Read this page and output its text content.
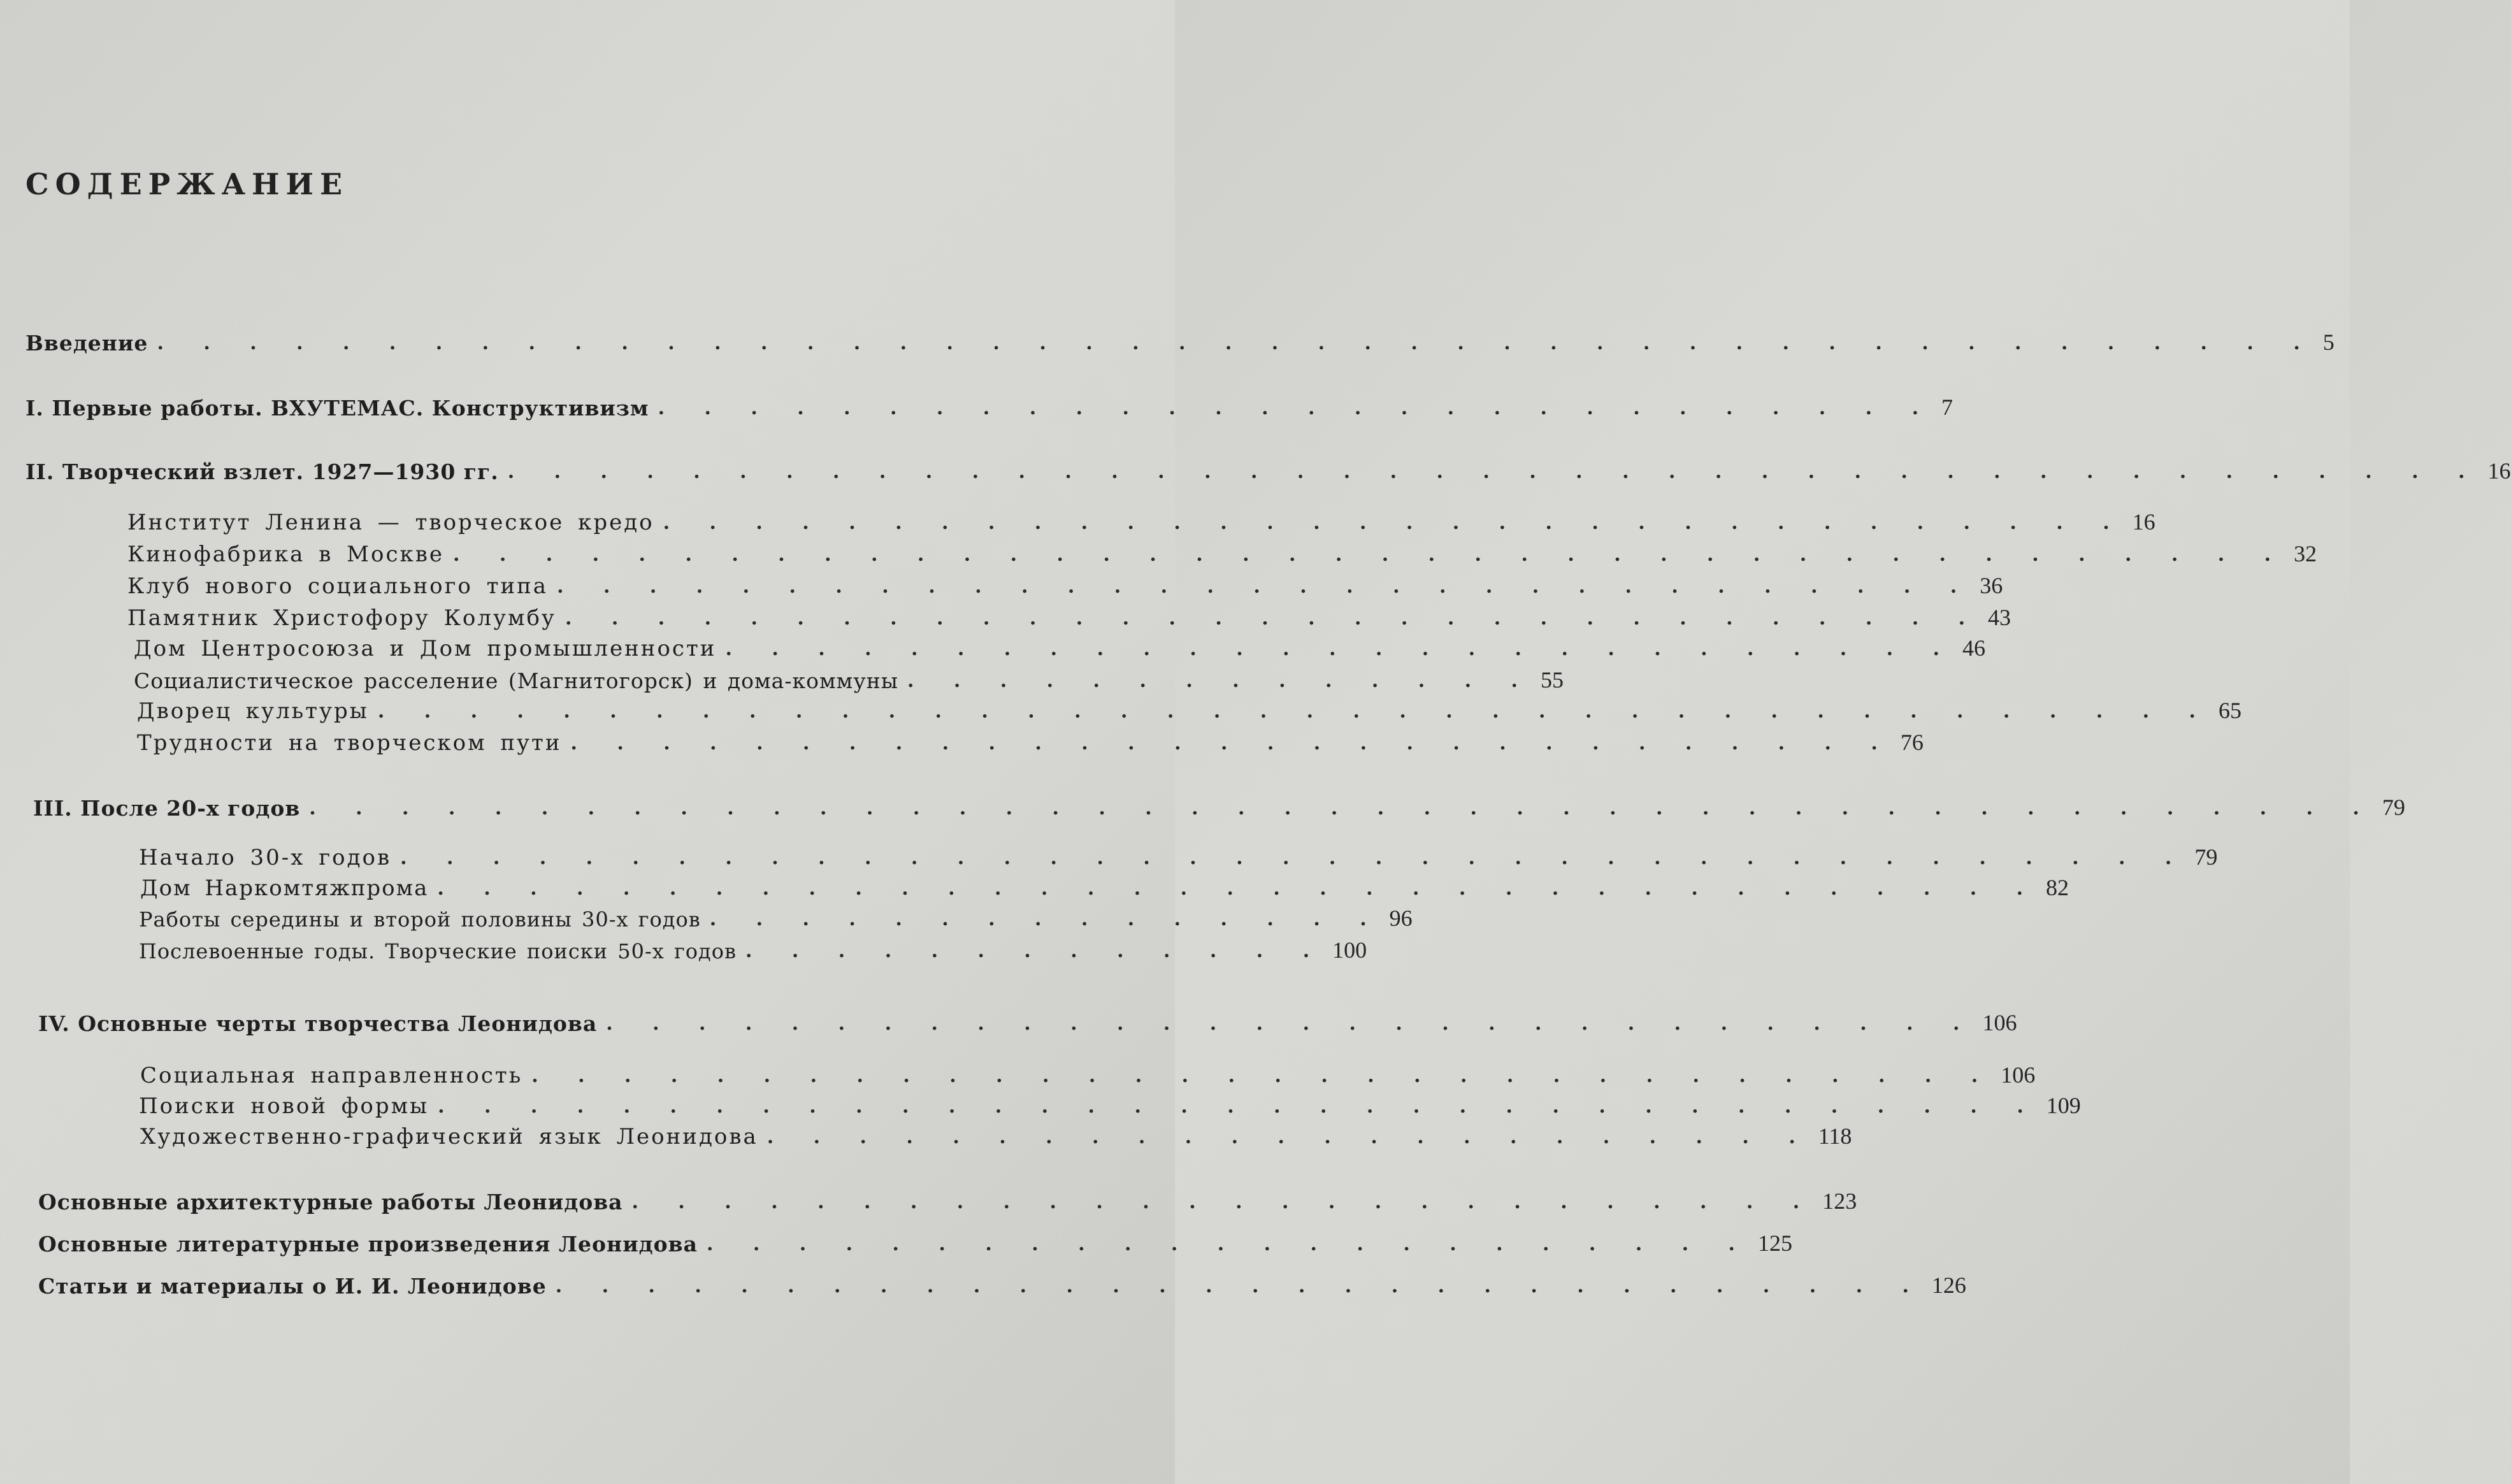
СОДЕРЖАНИЕ
Введение . . . . . . . . . . . . . . . . . . . . . . . . . . . . . . . . . . . . . . . . . . . . . . . 5
I. Первые работы. ВХУТЕМАС. Конструктивизм . . . . . . . . . . . . . . . . . . . . . . . . . . . . 7
II. Творческий взлет. 1927—1930 гг. . . . . . . . . . . . . . . . . . . . . . . . . . . . . . . . . . . . . . . . . . . . 16
Институт Ленина — творческое кредо . . . . . . . . . . . . . . . . . . . . . . . . . . . . . . . . 16
Кинофабрика в Москве . . . . . . . . . . . . . . . . . . . . . . . . . . . . . . . . . . . . . . . . 32
Клуб нового социального типа . . . . . . . . . . . . . . . . . . . . . . . . . . . . . . . 36
Памятник Христофору Колумбу . . . . . . . . . . . . . . . . . . . . . . . . . . . . . . . 43
Дом Центросоюза и Дом промышленности . . . . . . . . . . . . . . . . . . . . . . . . . . . 46
Социалистическое расселение (Магнитогорск) и дома-коммуны . . . . . . . . . . . . . . 55
Дворец культуры . . . . . . . . . . . . . . . . . . . . . . . . . . . . . . . . . . . . . . . . 65
Трудности на творческом пути . . . . . . . . . . . . . . . . . . . . . . . . . . . . . 76
III. После 20-х годов . . . . . . . . . . . . . . . . . . . . . . . . . . . . . . . . . . . . . . . . . . . . . 79
Начало 30-х годов . . . . . . . . . . . . . . . . . . . . . . . . . . . . . . . . . . . . . . . 79
Дом Наркомтяжпрома . . . . . . . . . . . . . . . . . . . . . . . . . . . . . . . . . . . 82
Работы середины и второй половины 30-х годов . . . . . . . . . . . . . . . 96
Послевоенные годы. Творческие поиски 50-х годов . . . . . . . . . . . . . 100
IV. Основные черты творчества Леонидова . . . . . . . . . . . . . . . . . . . . . . . . . . . . . . 106
Социальная направленность . . . . . . . . . . . . . . . . . . . . . . . . . . . . . . . . 106
Поиски новой формы . . . . . . . . . . . . . . . . . . . . . . . . . . . . . . . . . . . 109
Художественно-графический язык Леонидова . . . . . . . . . . . . . . . . . . . . . . . 118
Основные архитектурные работы Леонидова . . . . . . . . . . . . . . . . . . . . . . . . . . 123
Основные литературные произведения Леонидова . . . . . . . . . . . . . . . . . . . . . . . 125
Статьи и материалы о И. И. Леонидове . . . . . . . . . . . . . . . . . . . . . . . . . . . . . . 126
